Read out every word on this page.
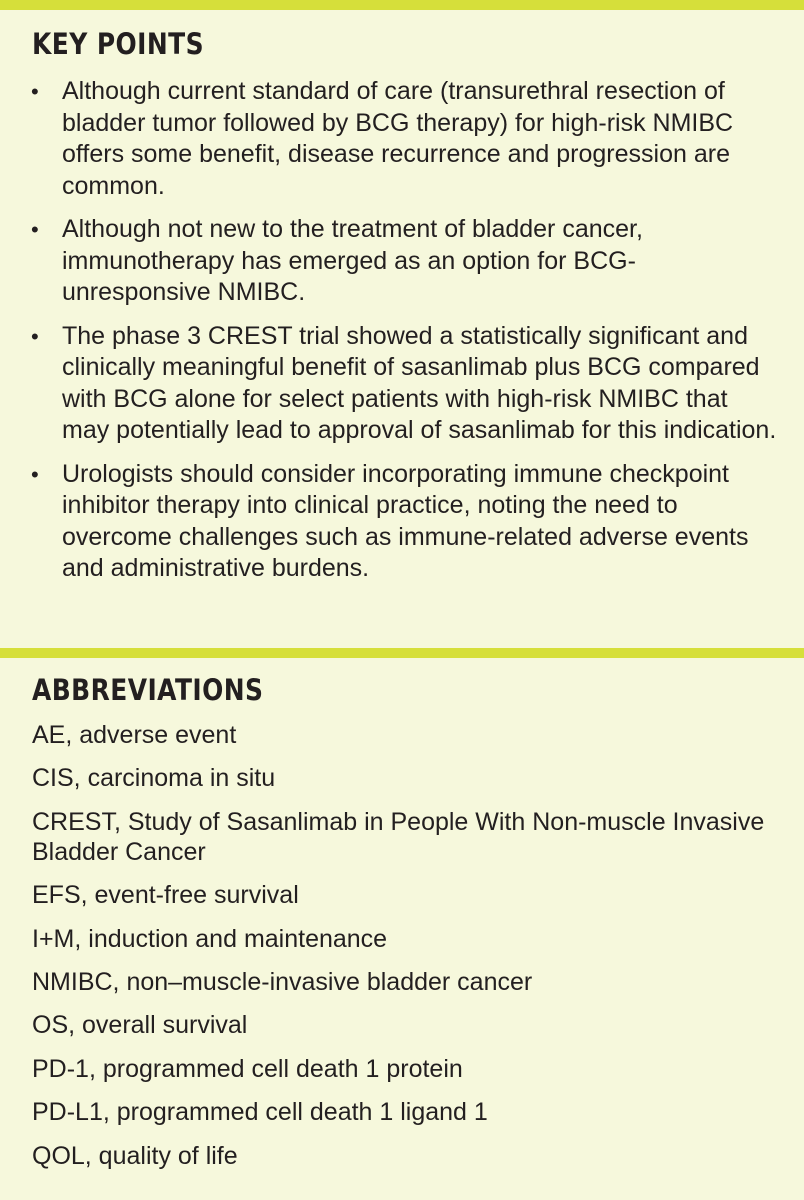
KEY POINTS
• Although current standard of care (transurethral resection of bladder tumor followed by BCG therapy) for high-risk NMIBC offers some benefit, disease recurrence and progression are common.
• Although not new to the treatment of bladder cancer, immunotherapy has emerged as an option for BCG-unresponsive NMIBC.
• The phase 3 CREST trial showed a statistically significant and clinically meaningful benefit of sasanlimab plus BCG compared with BCG alone for select patients with high-risk NMIBC that may potentially lead to approval of sasanlimab for this indication.
• Urologists should consider incorporating immune checkpoint inhibitor therapy into clinical practice, noting the need to overcome challenges such as immune-related adverse events and administrative burdens.
ABBREVIATIONS
AE, adverse event
CIS, carcinoma in situ
CREST, Study of Sasanlimab in People With Non-muscle Invasive Bladder Cancer
EFS, event-free survival
I+M, induction and maintenance
NMIBC, non–muscle-invasive bladder cancer
OS, overall survival
PD-1, programmed cell death 1 protein
PD-L1, programmed cell death 1 ligand 1
QOL, quality of life
